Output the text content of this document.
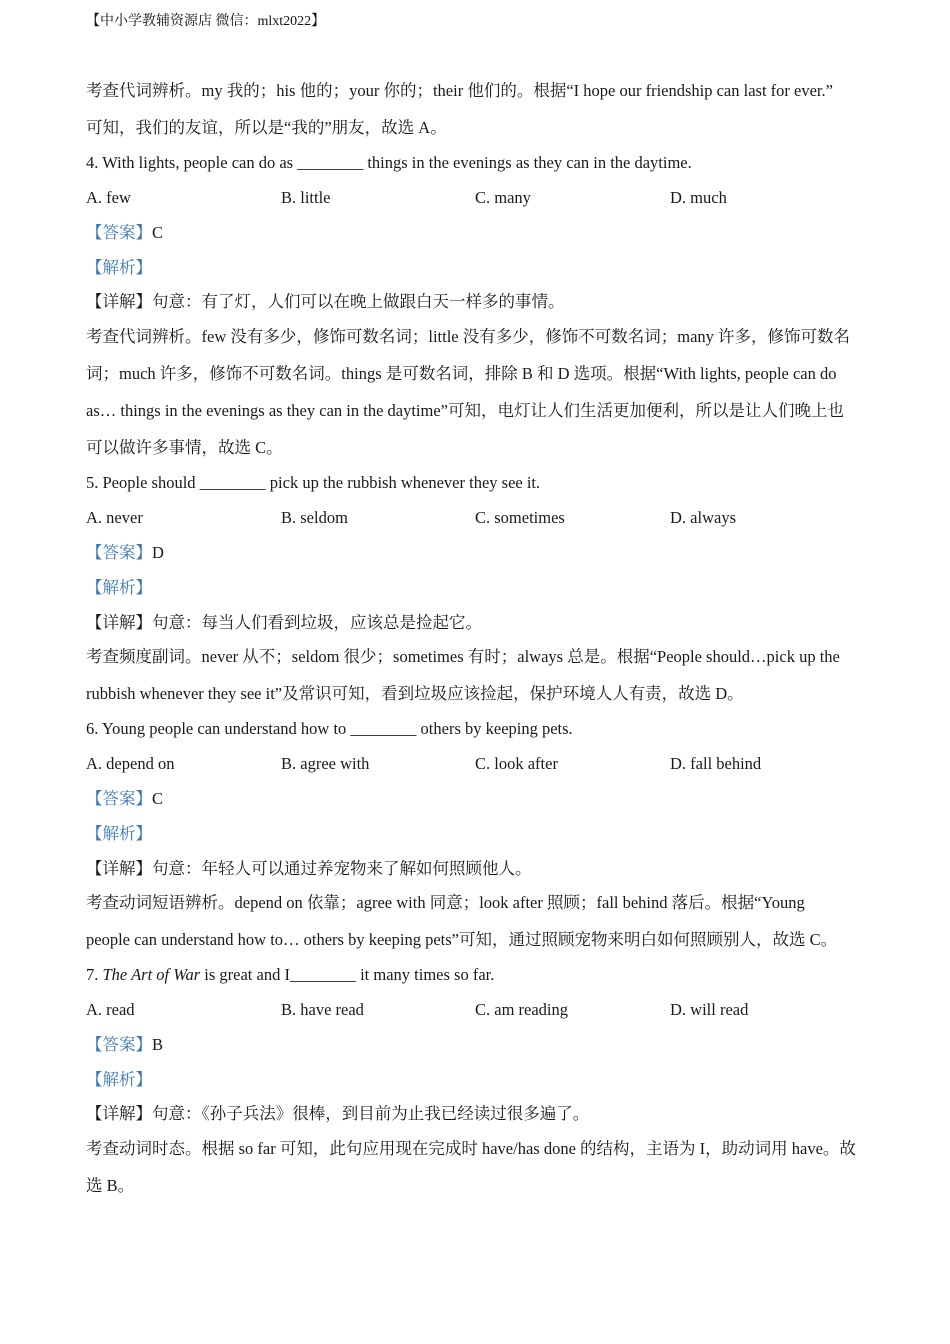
【中小学教辅资源店 微信：mlxt2022】
考查代词辨析。my 我的；his 他的；your 你的；their 他们的。根据“I hope our friendship can last for ever.”
可知，我们的友谊，所以是“我的”朋友，故选 A。
4. With lights, people can do as ________ things in the evenings as they can in the daytime.
A. few	B. little	C. many	D. much
【答案】C
【解析】
【详解】句意：有了灯，人们可以在晚上做跟白天一样多的事情。
考查代词辨析。few 没有多少，修饰可数名词；little 没有多少，修饰不可数名词；many 许多，修饰可数名
词；much 许多，修饰不可数名词。things 是可数名词，排除 B 和 D 选项。根据“With lights, people can do
as… things in the evenings as they can in the daytime”可知，电灯让人们生活更加便利，所以是让人们晚上也
可以做许多事情，故选 C。
5. People should ________ pick up the rubbish whenever they see it.
A. never	B. seldom	C. sometimes	D. always
【答案】D
【解析】
【详解】句意：每当人们看到垃圾，应该总是捡起它。
考查频度副词。never 从不；seldom 很少；sometimes 有时；always 总是。根据“People should…pick up the
rubbish whenever they see it”及常识可知，看到垃圾应该捡起，保护环境人人有责，故选 D。
6. Young people can understand how to ________ others by keeping pets.
A. depend on	B. agree with	C. look after	D. fall behind
【答案】C
【解析】
【详解】句意：年轻人可以通过养宠物来了解如何照顾他人。
考查动词短语辨析。depend on 依靠；agree with 同意；look after 照顾；fall behind 落后。根据“Young
people can understand how to… others by keeping pets”可知，通过照顾宠物来明白如何照顾别人，故选 C。
7. The Art of War is great and I________ it many times so far.
A. read	B. have read	C. am reading	D. will read
【答案】B
【解析】
【详解】句意：《孙子兵法》很棒，到目前为止我已经读过很多遍了。
考查动词时态。根据 so far 可知，此句应用现在完成时 have/has done 的结构，主语为 I，助动词用 have。故
选 B。
